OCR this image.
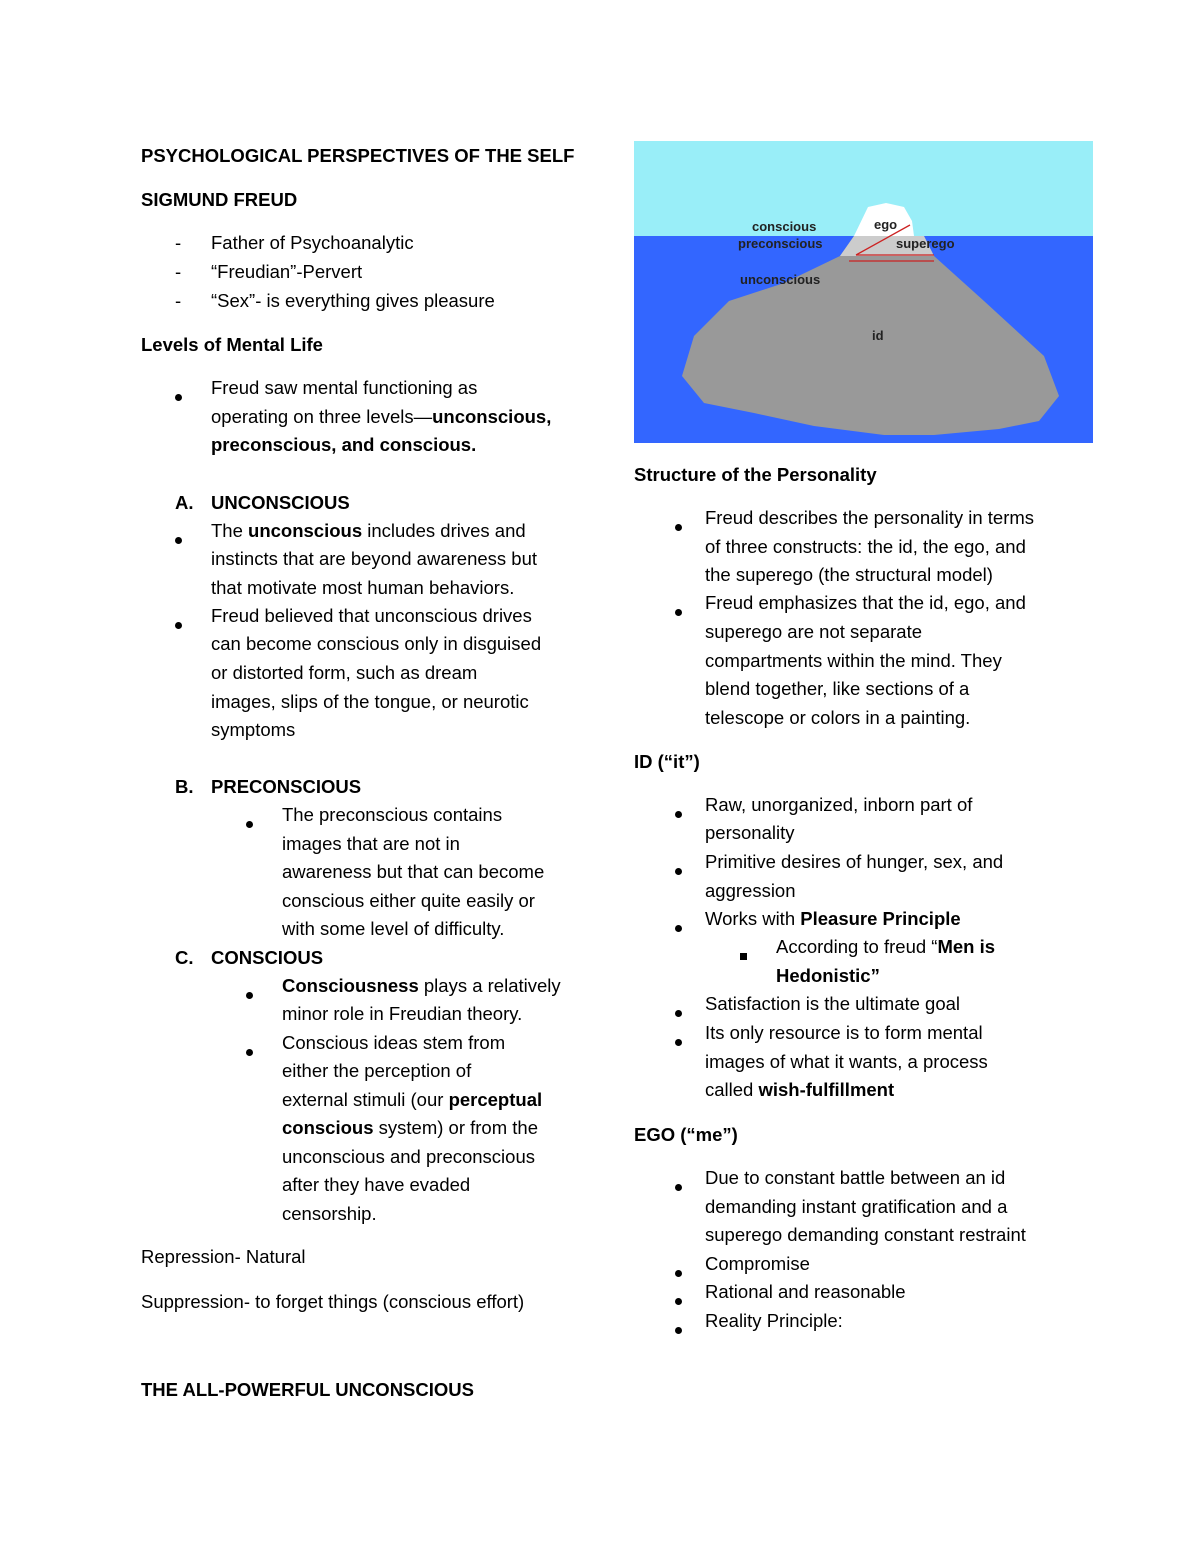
PSYCHOLOGICAL PERSPECTIVES OF THE SELF
SIGMUND FREUD
- Father of Psychoanalytic
- “Freudian”-Pervert
- “Sex”- is everything gives pleasure
Levels of Mental Life
Freud saw mental functioning as
operating on three levels—unconscious,
preconscious, and conscious.
A. UNCONSCIOUS
The unconscious includes drives and
instincts that are beyond awareness but
that motivate most human behaviors.
Freud believed that unconscious drives
can become conscious only in disguised
or distorted form, such as dream
images, slips of the tongue, or neurotic
symptoms
B. PRECONSCIOUS
The preconscious contains
images that are not in
awareness but that can become
conscious either quite easily or
with some level of difficulty.
C. CONSCIOUS
Consciousness plays a relatively
minor role in Freudian theory.
Conscious ideas stem from
either the perception of
external stimuli (our perceptual
conscious system) or from the
unconscious and preconscious
after they have evaded
censorship.
Repression- Natural
Suppression- to forget things (conscious effort)
THE ALL-POWERFUL UNCONSCIOUS
conscious
preconscious
unconscious
ego
superego
id
Structure of the Personality
Freud describes the personality in terms
of three constructs: the id, the ego, and
the superego (the structural model)
Freud emphasizes that the id, ego, and
superego are not separate
compartments within the mind. They
blend together, like sections of a
telescope or colors in a painting.
ID (“it”)
Raw, unorganized, inborn part of
personality
Primitive desires of hunger, sex, and
aggression
Works with Pleasure Principle
According to freud “Men is
Hedonistic”
Satisfaction is the ultimate goal
Its only resource is to form mental
images of what it wants, a process
called wish-fulfillment
EGO (“me”)
Due to constant battle between an id
demanding instant gratification and a
superego demanding constant restraint
Compromise
Rational and reasonable
Reality Principle:
